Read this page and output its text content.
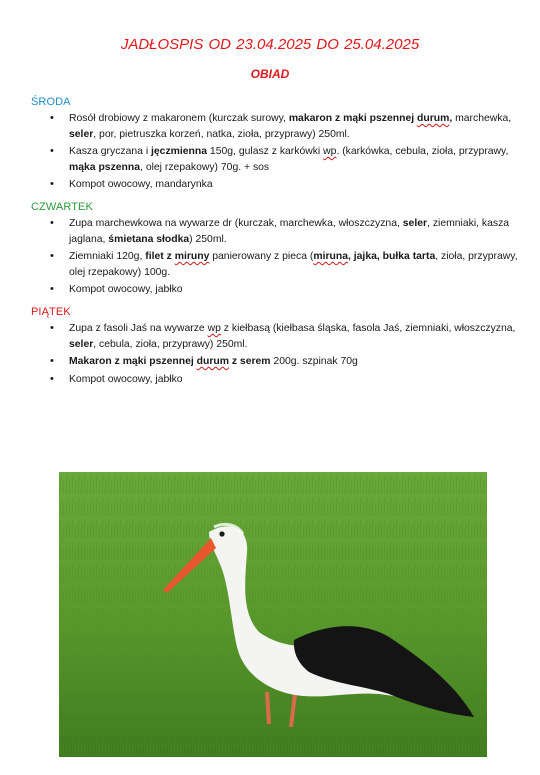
JADŁOSPIS OD 23.04.2025 DO 25.04.2025
OBIAD
ŚRODA
• Rosół drobiowy z makaronem (kurczak surowy, makaron z mąki pszennej durum, marchewka, seler, por, pietruszka korzeń, natka, zioła, przyprawy) 250ml.
• Kasza gryczana i jęczmienna 150g, gulasz z karkówki wp. (karkówka, cebula, zioła, przyprawy, mąka pszenna, olej rzepakowy) 70g. + sos
• Kompot owocowy, mandarynka
CZWARTEK
• Zupa marchewkowa na wywarze dr (kurczak, marchewka, włoszczyzna, seler, ziemniaki, kasza jaglana, śmietana słodka) 250ml.
• Ziemniaki 120g, filet z miruny panierowany z pieca (miruna, jajka, bułka tarta, zioła, przyprawy, olej rzepakowy) 100g.
• Kompot owocowy, jabłko
PIĄTEK
• Zupa z fasoli Jaś na wywarze wp z kiełbasą (kiełbasa śląska, fasola Jaś, ziemniaki, włoszczyzna, seler, cebula, zioła, przyprawy) 250ml.
• Makaron z mąki pszennej durum z serem 200g. szpinak 70g
• Kompot owocowy, jabłko
